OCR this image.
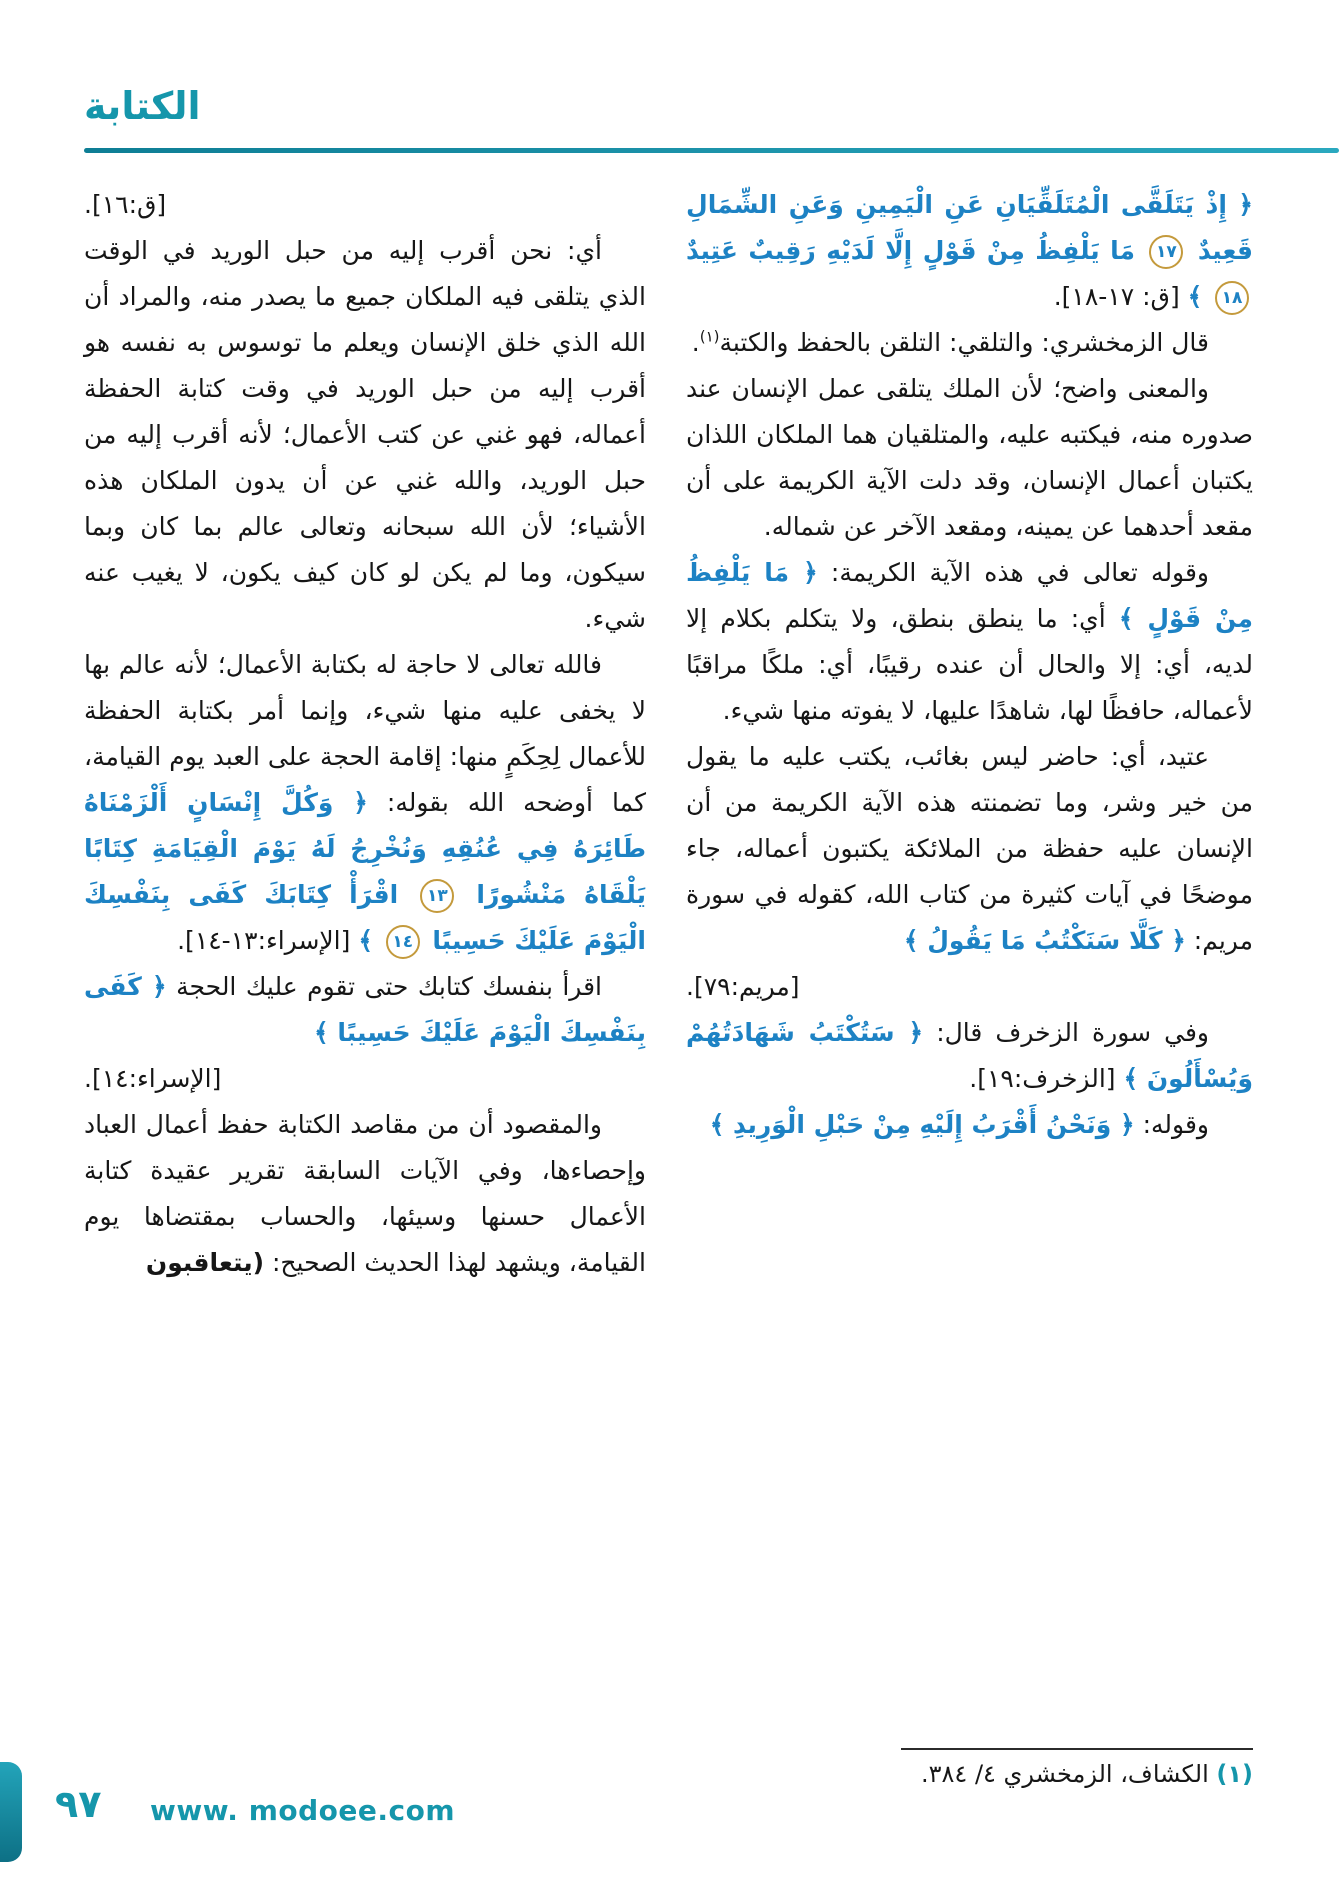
الكتابة

﴿ إِذْ يَتَلَقَّى الْمُتَلَقِّيَانِ عَنِ الْيَمِينِ وَعَنِ الشِّمَالِ قَعِيدٌ ١٧ مَا يَلْفِظُ مِنْ قَوْلٍ إِلَّا لَدَيْهِ رَقِيبٌ عَتِيدٌ ١٨ ﴾ [ق: ١٧-١٨].

قال الزمخشري: والتلقي: التلقن بالحفظ والكتبة$^{(١)}$.

والمعنى واضح؛ لأن الملك يتلقى عمل الإنسان عند صدوره منه، فيكتبه عليه، والمتلقيان هما الملكان اللذان يكتبان أعمال الإنسان، وقد دلت الآية الكريمة على أن مقعد أحدهما عن يمينه، ومقعد الآخر عن شماله.

وقوله تعالى في هذه الآية الكريمة: ﴿ مَا يَلْفِظُ مِنْ قَوْلٍ ﴾ أي: ما ينطق بنطق، ولا يتكلم بكلام إلا لديه، أي: إلا والحال أن عنده رقيبًا، أي: ملكًا مراقبًا لأعماله، حافظًا لها، شاهدًا عليها، لا يفوته منها شيء.

عتيد، أي: حاضر ليس بغائب، يكتب عليه ما يقول من خير وشر، وما تضمنته هذه الآية الكريمة من أن الإنسان عليه حفظة من الملائكة يكتبون أعماله، جاء موضحًا في آيات كثيرة من كتاب الله، كقوله في سورة مريم: ﴿ كَلَّا سَنَكْتُبُ مَا يَقُولُ ﴾

[مريم:٧٩].

وفي سورة الزخرف قال: ﴿ سَتُكْتَبُ شَهَادَتُهُمْ وَيُسْأَلُونَ ﴾ [الزخرف:١٩].

وقوله: ﴿ وَنَحْنُ أَقْرَبُ إِلَيْهِ مِنْ حَبْلِ الْوَرِيدِ ﴾

[ق:١٦].

أي: نحن أقرب إليه من حبل الوريد في الوقت الذي يتلقى فيه الملكان جميع ما يصدر منه، والمراد أن الله الذي خلق الإنسان ويعلم ما توسوس به نفسه هو أقرب إليه من حبل الوريد في وقت كتابة الحفظة أعماله، فهو غني عن كتب الأعمال؛ لأنه أقرب إليه من حبل الوريد، والله غني عن أن يدون الملكان هذه الأشياء؛ لأن الله سبحانه وتعالى عالم بما كان وبما سيكون، وما لم يكن لو كان كيف يكون، لا يغيب عنه شيء.

فالله تعالى لا حاجة له بكتابة الأعمال؛ لأنه عالم بها لا يخفى عليه منها شيء، وإنما أمر بكتابة الحفظة للأعمال لِحِكَمٍ منها: إقامة الحجة على العبد يوم القيامة، كما أوضحه الله بقوله: ﴿ وَكُلَّ إِنْسَانٍ أَلْزَمْنَاهُ طَائِرَهُ فِي عُنُقِهِ وَنُخْرِجُ لَهُ يَوْمَ الْقِيَامَةِ كِتَابًا يَلْقَاهُ مَنْشُورًا ١٣ اقْرَأْ كِتَابَكَ كَفَى بِنَفْسِكَ الْيَوْمَ عَلَيْكَ حَسِيبًا ١٤ ﴾ [الإسراء:١٣-١٤].

اقرأ بنفسك كتابك حتى تقوم عليك الحجة ﴿ كَفَى بِنَفْسِكَ الْيَوْمَ عَلَيْكَ حَسِيبًا ﴾

[الإسراء:١٤].

والمقصود أن من مقاصد الكتابة حفظ أعمال العباد وإحصاءها، وفي الآيات السابقة تقرير عقيدة كتابة الأعمال حسنها وسيئها، والحساب بمقتضاها يوم القيامة، ويشهد لهذا الحديث الصحيح: (يتعاقبون

(١) الكشاف، الزمخشري ٤/ ٣٨٤.
٩٧ www. modoee.com
